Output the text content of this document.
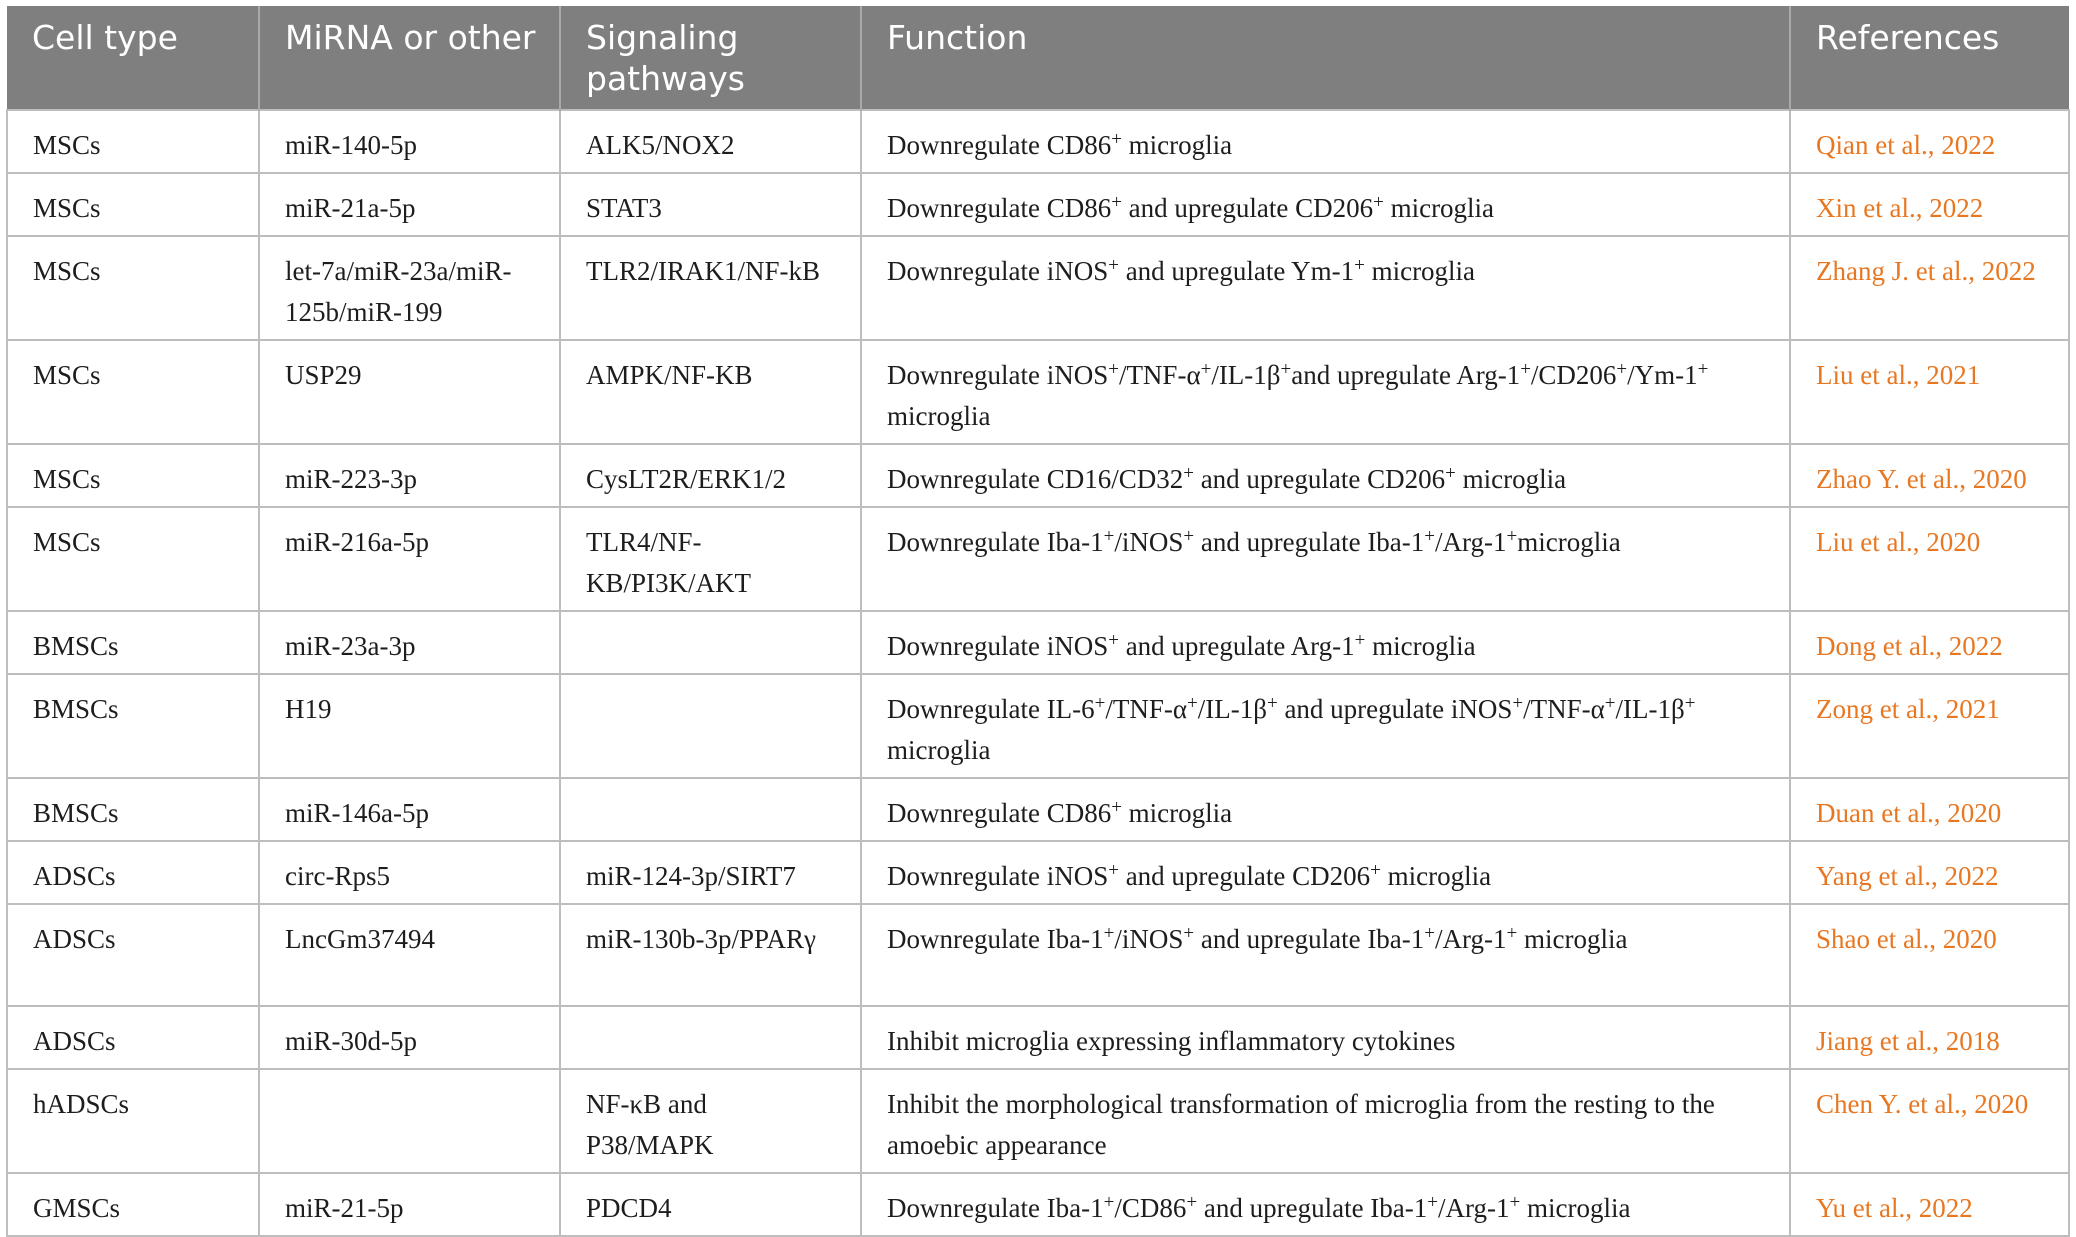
Cell type	MiRNA or other	Signaling pathways	Function	References
MSCs	miR-140-5p	ALK5/NOX2	Downregulate CD86+ microglia	Qian et al., 2022
MSCs	miR-21a-5p	STAT3	Downregulate CD86+ and upregulate CD206+ microglia	Xin et al., 2022
MSCs	let-7a/miR-23a/miR-125b/miR-199	TLR2/IRAK1/NF-kB	Downregulate iNOS+ and upregulate Ym-1+ microglia	Zhang J. et al., 2022
MSCs	USP29	AMPK/NF-KB	Downregulate iNOS+/TNF-α+/IL-1β+and upregulate Arg-1+/CD206+/Ym-1+ microglia	Liu et al., 2021
MSCs	miR-223-3p	CysLT2R/ERK1/2	Downregulate CD16/CD32+ and upregulate CD206+ microglia	Zhao Y. et al., 2020
MSCs	miR-216a-5p	TLR4/NF-KB/PI3K/AKT	Downregulate Iba-1+/iNOS+ and upregulate Iba-1+/Arg-1+microglia	Liu et al., 2020
BMSCs	miR-23a-3p		Downregulate iNOS+ and upregulate Arg-1+ microglia	Dong et al., 2022
BMSCs	H19		Downregulate IL-6+/TNF-α+/IL-1β+ and upregulate iNOS+/TNF-α+/IL-1β+ microglia	Zong et al., 2021
BMSCs	miR-146a-5p		Downregulate CD86+ microglia	Duan et al., 2020
ADSCs	circ-Rps5	miR-124-3p/SIRT7	Downregulate iNOS+ and upregulate CD206+ microglia	Yang et al., 2022
ADSCs	LncGm37494	miR-130b-3p/PPARγ	Downregulate Iba-1+/iNOS+ and upregulate Iba-1+/Arg-1+ microglia	Shao et al., 2020
ADSCs	miR-30d-5p		Inhibit microglia expressing inflammatory cytokines	Jiang et al., 2018
hADSCs		NF-κB and P38/MAPK	Inhibit the morphological transformation of microglia from the resting to the amoebic appearance	Chen Y. et al., 2020
GMSCs	miR-21-5p	PDCD4	Downregulate Iba-1+/CD86+ and upregulate Iba-1+/Arg-1+ microglia	Yu et al., 2022
